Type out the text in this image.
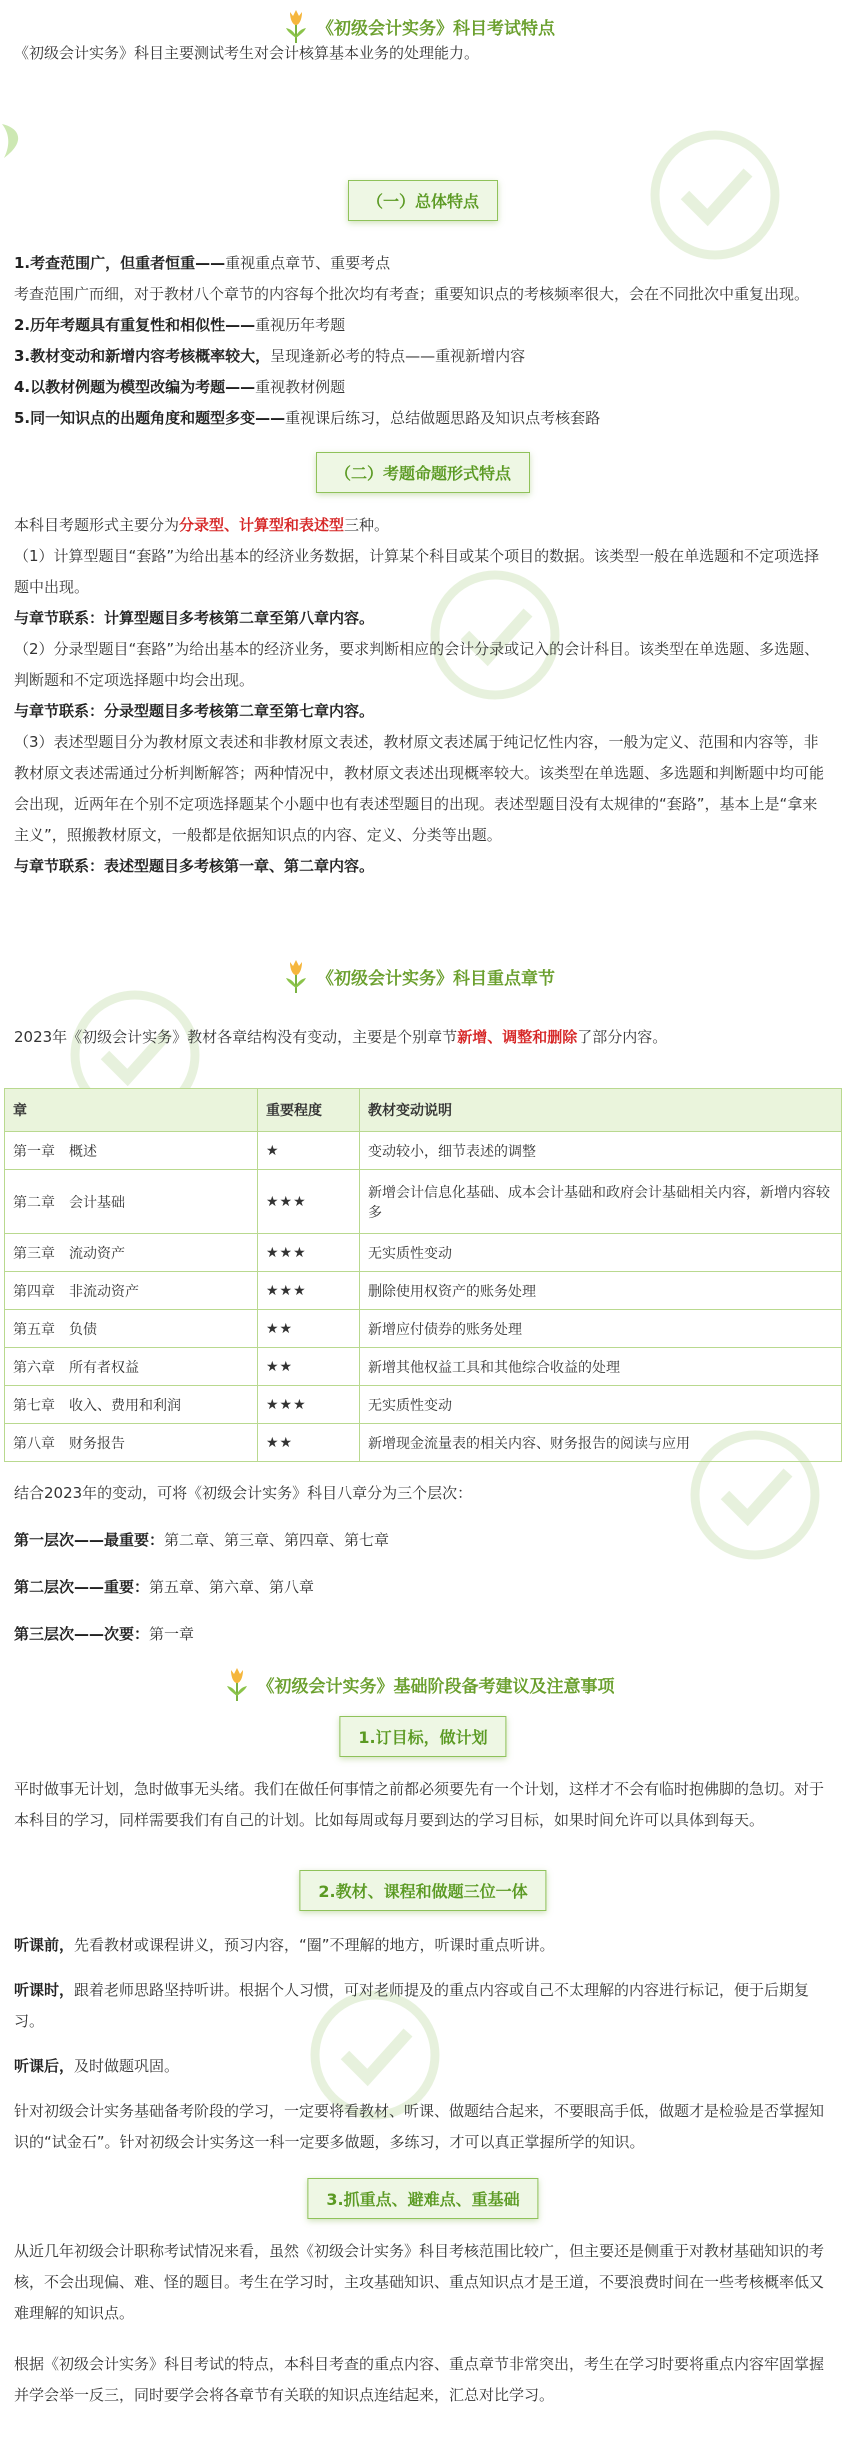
《初级会计实务》科目考试特点

《初级会计实务》科目主要测试考生对会计核算基本业务的处理能力。

（一）总体特点

1.考查范围广，但重者恒重——重视重点章节、重要考点

考查范围广而细，对于教材八个章节的内容每个批次均有考查；重要知识点的考核频率很大，会在不同批次中重复出现。

2.历年考题具有重复性和相似性——重视历年考题

3.教材变动和新增内容考核概率较大，呈现逢新必考的特点——重视新增内容

4.以教材例题为模型改编为考题——重视教材例题

5.同一知识点的出题角度和题型多变——重视课后练习，总结做题思路及知识点考核套路

（二）考题命题形式特点

本科目考题形式主要分为分录型、计算型和表述型三种。

（1）计算型题目“套路”为给出基本的经济业务数据，计算某个科目或某个项目的数据。该类型一般在单选题和不定项选择题中出现。

与章节联系：计算型题目多考核第二章至第八章内容。

（2）分录型题目“套路”为给出基本的经济业务，要求判断相应的会计分录或记入的会计科目。该类型在单选题、多选题、判断题和不定项选择题中均会出现。

与章节联系：分录型题目多考核第二章至第七章内容。

（3）表述型题目分为教材原文表述和非教材原文表述，教材原文表述属于纯记忆性内容，一般为定义、范围和内容等，非教材原文表述需通过分析判断解答；两种情况中，教材原文表述出现概率较大。该类型在单选题、多选题和判断题中均可能会出现，近两年在个别不定项选择题某个小题中也有表述型题目的出现。表述型题目没有太规律的“套路”，基本上是“拿来主义”，照搬教材原文，一般都是依据知识点的内容、定义、分类等出题。

与章节联系：表述型题目多考核第一章、第二章内容。

《初级会计实务》科目重点章节

2023年《初级会计实务》教材各章结构没有变动，主要是个别章节新增、调整和删除了部分内容。

章	重要程度	教材变动说明
第一章　概述	★	变动较小，细节表述的调整
第二章　会计基础	★★★	新增会计信息化基础、成本会计基础和政府会计基础相关内容，新增内容较多
第三章　流动资产	★★★	无实质性变动
第四章　非流动资产	★★★	删除使用权资产的账务处理
第五章　负债	★★	新增应付债券的账务处理
第六章　所有者权益	★★	新增其他权益工具和其他综合收益的处理
第七章　收入、费用和利润	★★★	无实质性变动
第八章　财务报告	★★	新增现金流量表的相关内容、财务报告的阅读与应用

结合2023年的变动，可将《初级会计实务》科目八章分为三个层次：

第一层次——最重要：第二章、第三章、第四章、第七章

第二层次——重要：第五章、第六章、第八章

第三层次——次要：第一章

《初级会计实务》基础阶段备考建议及注意事项
1.订目标，做计划

平时做事无计划，急时做事无头绪。我们在做任何事情之前都必须要先有一个计划，这样才不会有临时抱佛脚的急切。对于本科目的学习，同样需要我们有自己的计划。比如每周或每月要到达的学习目标，如果时间允许可以具体到每天。

2.教材、课程和做题三位一体

听课前，先看教材或课程讲义，预习内容，“圈”不理解的地方，听课时重点听讲。

听课时，跟着老师思路坚持听讲。根据个人习惯，可对老师提及的重点内容或自己不太理解的内容进行标记，便于后期复习。

听课后，及时做题巩固。

针对初级会计实务基础备考阶段的学习，一定要将看教材、听课、做题结合起来，不要眼高手低，做题才是检验是否掌握知识的“试金石”。针对初级会计实务这一科一定要多做题，多练习，才可以真正掌握所学的知识。

3.抓重点、避难点、重基础

从近几年初级会计职称考试情况来看，虽然《初级会计实务》科目考核范围比较广，但主要还是侧重于对教材基础知识的考核，不会出现偏、难、怪的题目。考生在学习时，主攻基础知识、重点知识点才是王道，不要浪费时间在一些考核概率低又难理解的知识点。

根据《初级会计实务》科目考试的特点，本科目考查的重点内容、重点章节非常突出，考生在学习时要将重点内容牢固掌握并学会举一反三，同时要学会将各章节有关联的知识点连结起来，汇总对比学习。
